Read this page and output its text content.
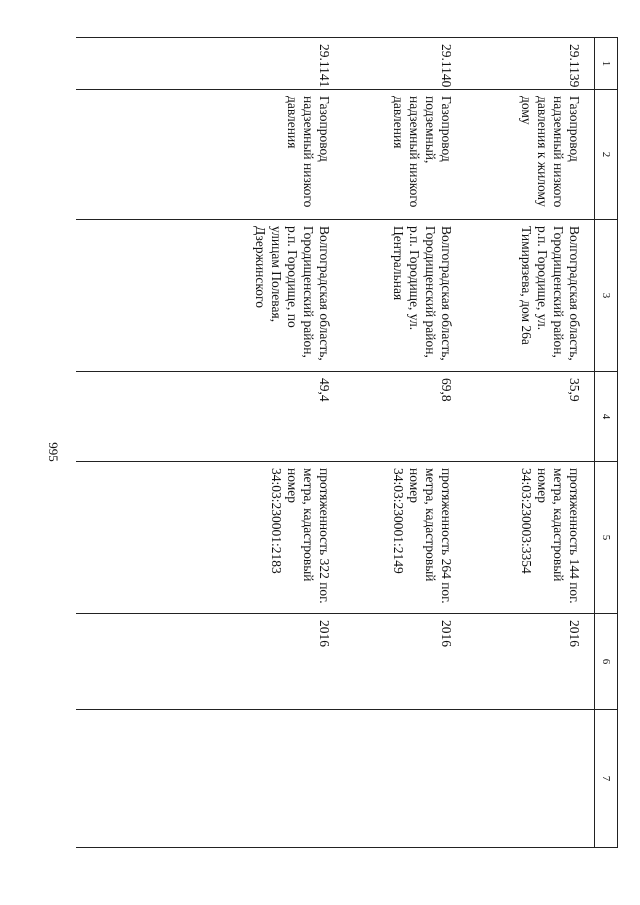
995
1	2	3	4	5	6	7
29.1139	Газопровод надземный низкого давления к жилому дому	Волгоградская область, Городищенский район, р.п. Городище, ул. Тимирязева, дом 26а	35,9	протяженность 144 пог. метра, кадастровый номер 34:03:230003:3354	2016	
29.1140	Газопровод подземный, надземный низкого давления	Волгоградская область, Городищенский район, р.п. Городище, ул. Центральная	69,8	протяженность 264 пог. метра, кадастровый номер 34:03:230001:2149	2016	
29.1141	Газопровод надземный низкого давления	Волгоградская область, Городищенский район, р.п. Городище, по улицам Полевая, Дзержинского	49,4	протяженность 322 пог. метра, кадастровый номер 34:03:230001:2183	2016	
